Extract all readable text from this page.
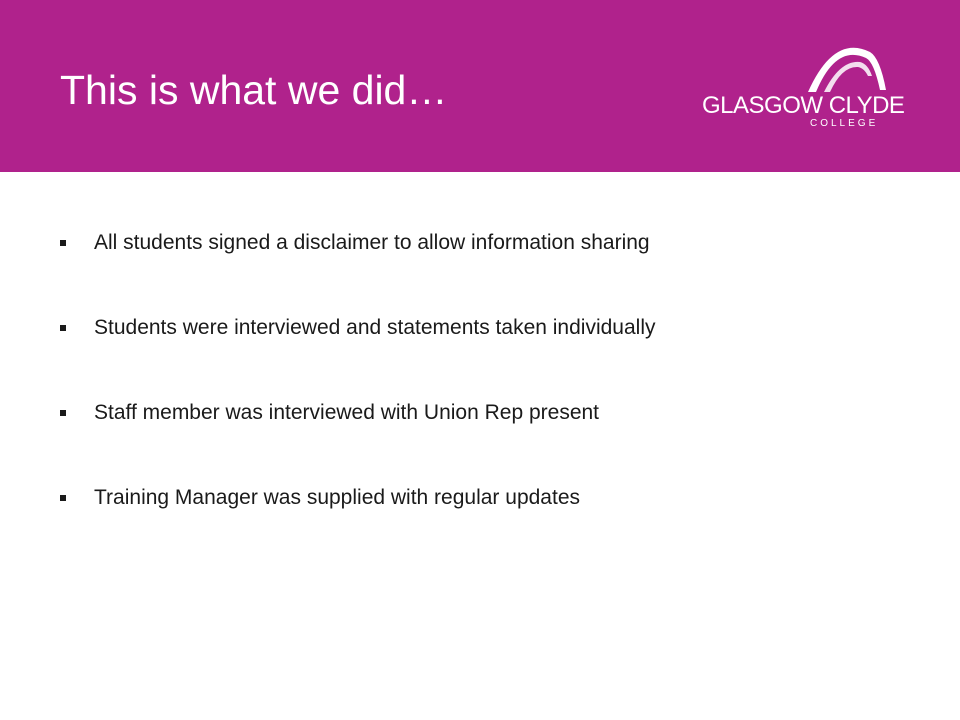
This is what we did…	GLASGOW CLYDE
COLLEGE
All students signed a disclaimer to allow information sharing
Students were interviewed and statements taken individually
Staff member was interviewed with Union Rep present
Training Manager was supplied with regular updates
